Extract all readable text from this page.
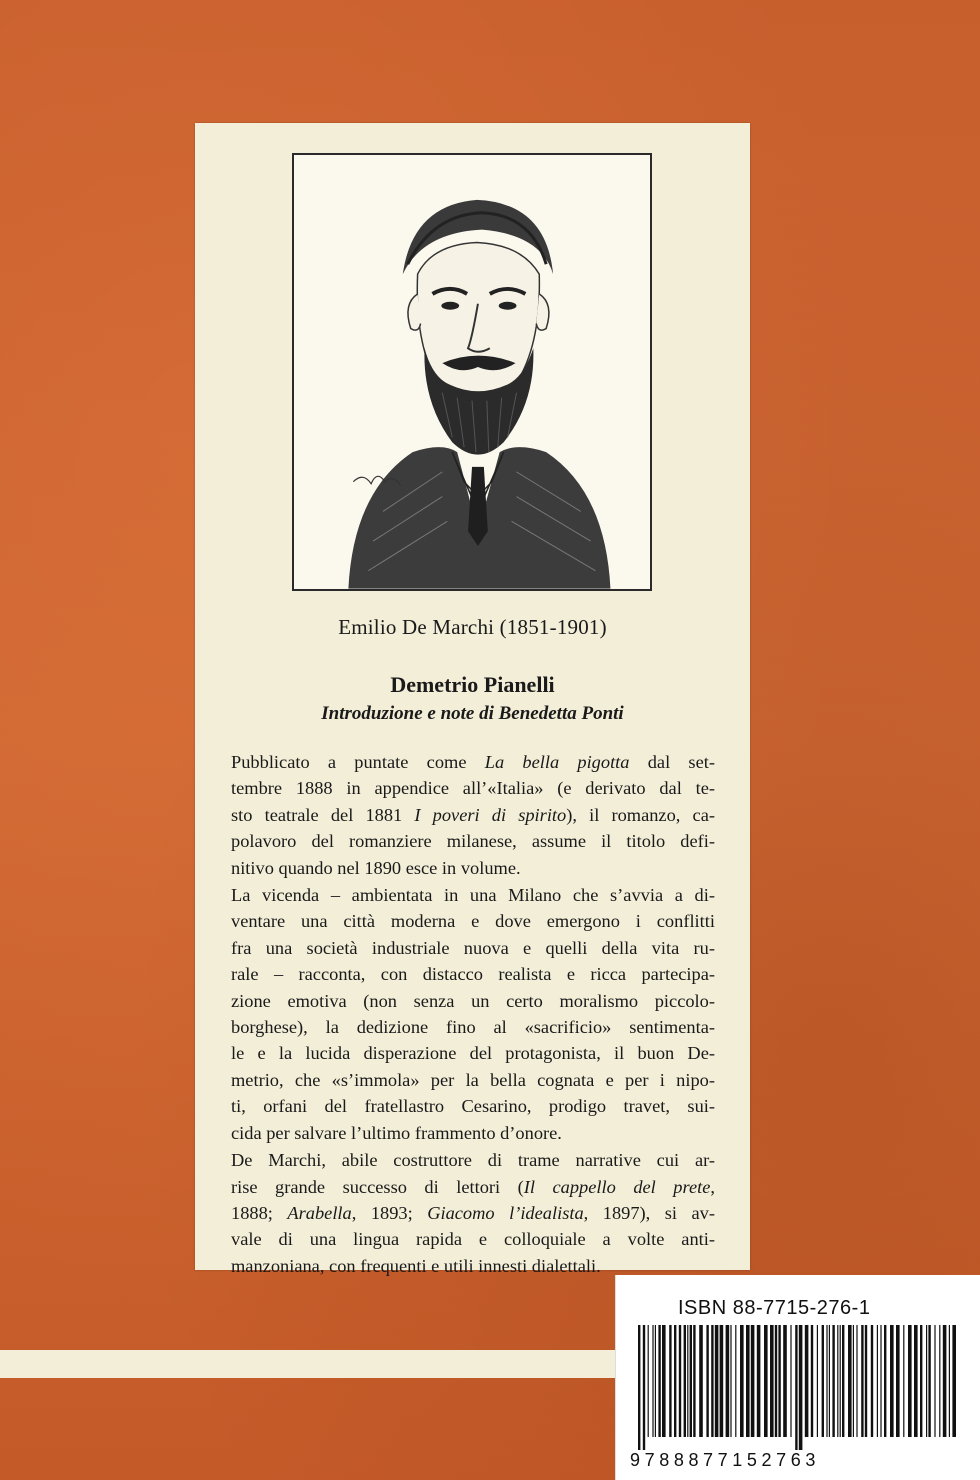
Emilio De Marchi (1851-1901)
Demetrio Pianelli
Introduzione e note di Benedetta Ponti

Pubblicato a puntate come La bella pigotta dal set-
tembre 1888 in appendice all’«Italia» (e derivato dal te-
sto teatrale del 1881 I poveri di spirito), il romanzo, ca-
polavoro del romanziere milanese, assume il titolo defi-
nitivo quando nel 1890 esce in volume.

La vicenda – ambientata in una Milano che s’avvia a di-
ventare una città moderna e dove emergono i conflitti
fra una società industriale nuova e quelli della vita ru-
rale – racconta, con distacco realista e ricca partecipa-
zione emotiva (non senza un certo moralismo piccolo-
borghese), la dedizione fino al «sacrificio» sentimenta-
le e la lucida disperazione del protagonista, il buon De-
metrio, che «s’immola» per la bella cognata e per i nipo-
ti, orfani del fratellastro Cesarino, prodigo travet, sui-
cida per salvare l’ultimo frammento d’onore.

De Marchi, abile costruttore di trame narrative cui ar-
rise grande successo di lettori (Il cappello del prete,
1888; Arabella, 1893; Giacomo l’idealista, 1897), si av-
vale di una lingua rapida e colloquiale a volte anti-
manzoniana, con frequenti e utili innesti dialettali.

ISBN 88-7715-276-1
9788877152763
